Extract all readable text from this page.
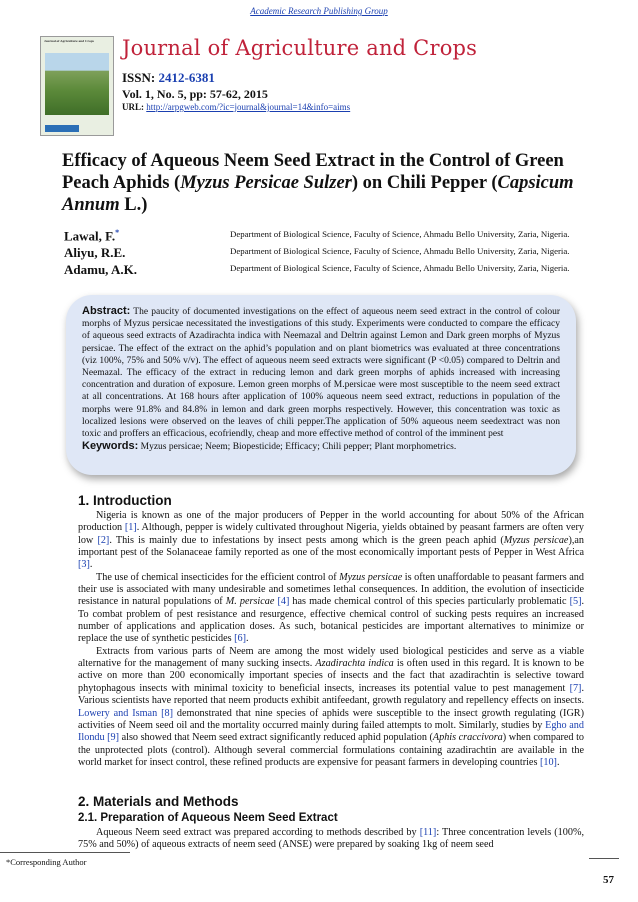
Academic Research Publishing Group
Journal of Agriculture and Crops	Journal of Agriculture and Crops
ISSN: 2412-6381
Vol. 1, No. 5, pp: 57-62, 2015
URL: http://arpgweb.com/?ic=journal&journal=14&info=aims
Efficacy of Aqueous Neem Seed Extract in the Control of Green Peach Aphids (Myzus Persicae Sulzer) on Chili Pepper (Capsicum Annum L.)
Lawal, F.*	Department of Biological Science, Faculty of Science, Ahmadu Bello University, Zaria, Nigeria.
Aliyu, R.E.	Department of Biological Science, Faculty of Science, Ahmadu Bello University, Zaria, Nigeria.
Adamu, A.K.	Department of Biological Science, Faculty of Science, Ahmadu Bello University, Zaria, Nigeria.
Abstract: The paucity of documented investigations on the effect of aqueous neem seed extract in the control of colour morphs of Myzus persicae necessitated the investigations of this study. Experiments were conducted to compare the efficacy of aqueous seed extracts of Azadirachta indica with Neemazal and Deltrin against Lemon and Dark green morphs of Myzus persicae. The effect of the extract on the aphid’s population and on plant biometrics was evaluated at three concentrations (viz 100%, 75% and 50% v/v). The effect of aqueous neem seed extracts were significant (P <0.05) compared to Deltrin and Neemazal. The efficacy of the extract in reducing lemon and dark green morphs of aphids increased with increasing concentration and duration of exposure. Lemon green morphs of M.persicae were most susceptible to the neem seed extract at all concentrations. At 168 hours after application of 100% aqueous neem seed extract, reductions in population of the morphs were 91.8% and 84.8% in lemon and dark green morphs respectively. However, this concentration was toxic as localized lesions were observed on the leaves of chili pepper.The application of 50% aqueous neem seedextract was non toxic and proffers an efficacious, ecofriendly, cheap and more effective method of control of the imminent pest
Keywords: Myzus persicae; Neem; Biopesticide; Efficacy; Chili pepper; Plant morphometrics.
1. Introduction

Nigeria is known as one of the major producers of Pepper in the world accounting for about 50% of the African production [1]. Although, pepper is widely cultivated throughout Nigeria, yields obtained by peasant farmers are often very low [2]. This is mainly due to infestations by insect pests among which is the green peach aphid (Myzus persicae),an important pest of the Solanaceae family reported as one of the most economically important pests of Pepper in West Africa [3].

The use of chemical insecticides for the efficient control of Myzus persicae is often unaffordable to peasant farmers and their use is associated with many undesirable and sometimes lethal consequences. In addition, the evolution of insecticide resistance in natural populations of M. persicae [4] has made chemical control of this species particularly problematic [5]. To combat problem of pest resistance and resurgence, effective chemical control of sucking pests requires an increased number of applications and application doses. As such, botanical pesticides are important alternatives to minimize or replace the use of synthetic pesticides [6].

Extracts from various parts of Neem are among the most widely used biological pesticides and serve as a viable alternative for the management of many sucking insects. Azadirachta indica is often used in this regard. It is known to be active on more than 200 economically important species of insects and the fact that azadirachtin is selective toward phytophagous insects with minimal toxicity to beneficial insects, increases its potential value to pest management [7]. Various scientists have reported that neem products exhibit antifeedant, growth regulatory and repellency effects on insects. Lowery and Isman [8] demonstrated that nine species of aphids were susceptible to the insect growth regulating (IGR) activities of Neem seed oil and the mortality occurred mainly during failed attempts to molt. Similarly, studies by Egho and Ilondu [9] also showed that Neem seed extract significantly reduced aphid population (Aphis craccivora) when compared to the unprotected plots (control). Although several commercial formulations containing azadirachtin are available in the world market for insect control, these refined products are expensive for peasant farmers in developing countries [10].

2. Materials and Methods
2.1. Preparation of Aqueous Neem Seed Extract

Aqueous Neem seed extract was prepared according to methods described by [11]: Three concentration levels (100%, 75% and 50%) of aqueous extracts of neem seed (ANSE) were prepared by soaking 1kg of neem seed

*Corresponding Author
57
